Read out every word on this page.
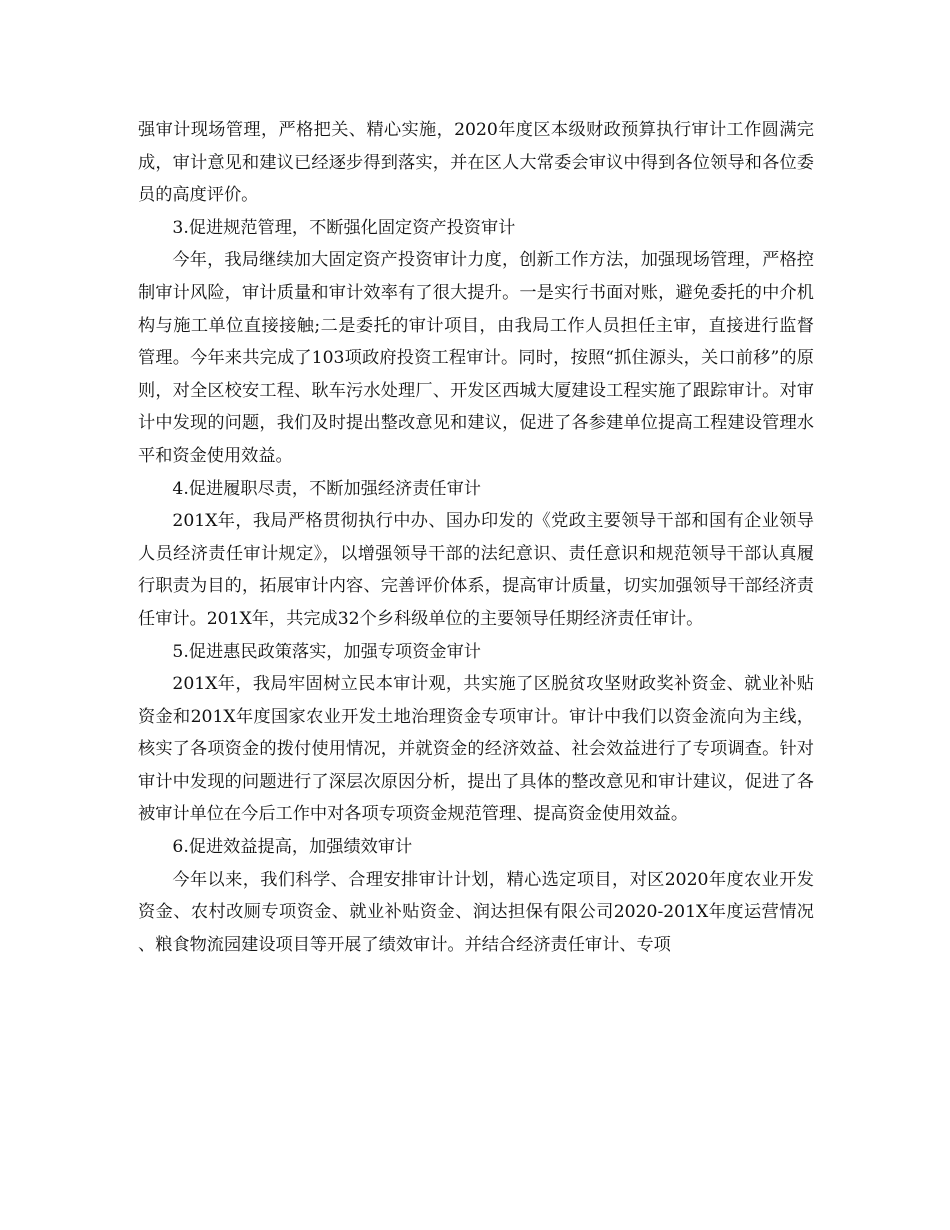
强审计现场管理，严格把关、精心实施，2020年度区本级财政预算执行审计工作圆满完成，审计意见和建议已经逐步得到落实，并在区人大常委会审议中得到各位领导和各位委员的高度评价。

3.促进规范管理，不断强化固定资产投资审计

今年，我局继续加大固定资产投资审计力度，创新工作方法，加强现场管理，严格控制审计风险，审计质量和审计效率有了很大提升。一是实行书面对账，避免委托的中介机构与施工单位直接接触;二是委托的审计项目，由我局工作人员担任主审，直接进行监督管理。今年来共完成了103项政府投资工程审计。同时，按照“抓住源头，关口前移”的原则，对全区校安工程、耿车污水处理厂、开发区西城大厦建设工程实施了跟踪审计。对审计中发现的问题，我们及时提出整改意见和建议，促进了各参建单位提高工程建设管理水平和资金使用效益。

4.促进履职尽责，不断加强经济责任审计

201X年，我局严格贯彻执行中办、国办印发的《党政主要领导干部和国有企业领导人员经济责任审计规定》，以增强领导干部的法纪意识、责任意识和规范领导干部认真履行职责为目的，拓展审计内容、完善评价体系，提高审计质量，切实加强领导干部经济责任审计。201X年，共完成32个乡科级单位的主要领导任期经济责任审计。

5.促进惠民政策落实，加强专项资金审计

201X年，我局牢固树立民本审计观，共实施了区脱贫攻坚财政奖补资金、就业补贴资金和201X年度国家农业开发土地治理资金专项审计。审计中我们以资金流向为主线，核实了各项资金的拨付使用情况，并就资金的经济效益、社会效益进行了专项调查。针对审计中发现的问题进行了深层次原因分析，提出了具体的整改意见和审计建议，促进了各被审计单位在今后工作中对各项专项资金规范管理、提高资金使用效益。

6.促进效益提高，加强绩效审计

今年以来，我们科学、合理安排审计计划，精心选定项目，对区2020年度农业开发资金、农村改厕专项资金、就业补贴资金、润达担保有限公司2020-201X年度运营情况、粮食物流园建设项目等开展了绩效审计。并结合经济责任审计、专项
